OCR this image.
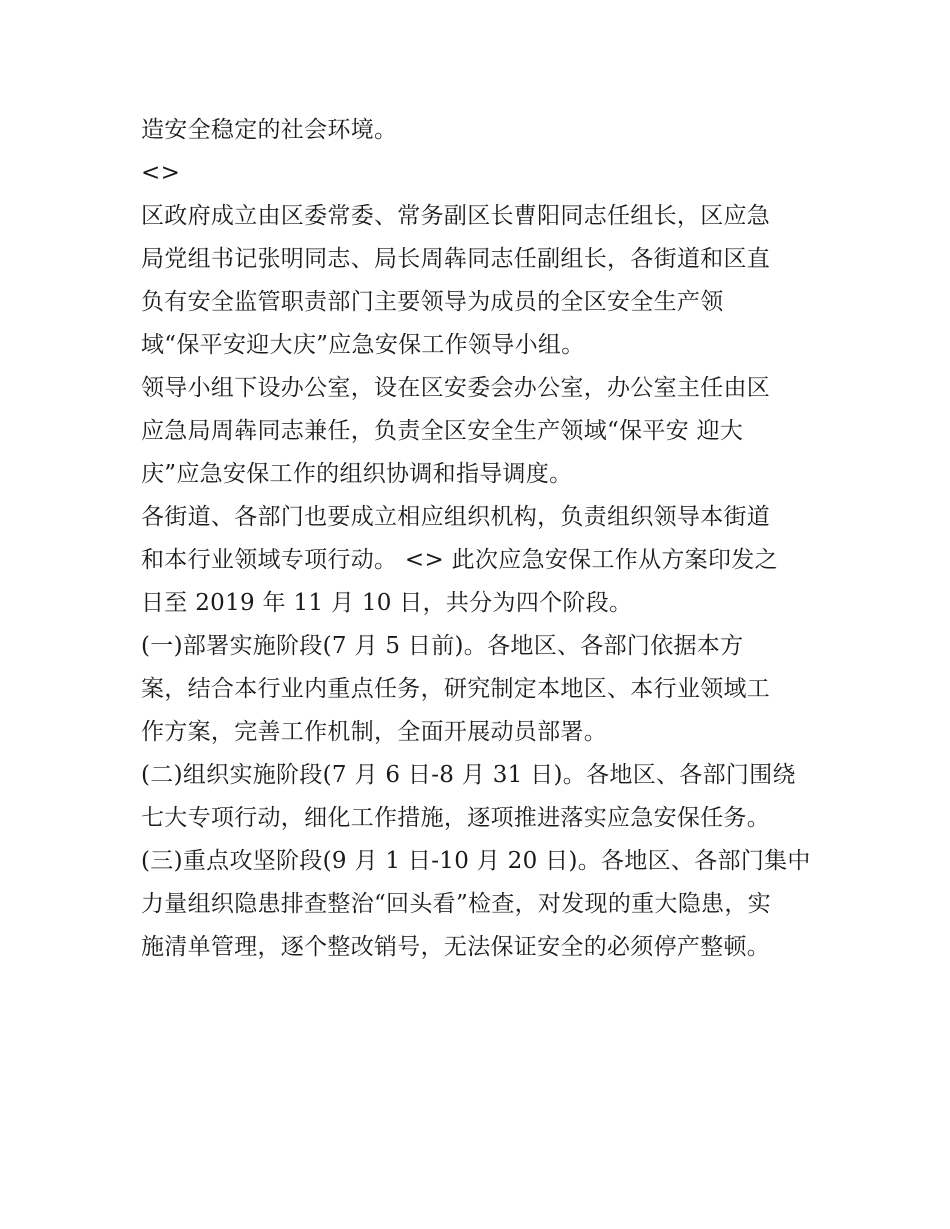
造安全稳定的社会环境。
<>
区政府成立由区委常委、常务副区长曹阳同志任组长，区应急
局党组书记张明同志、局长周犇同志任副组长，各街道和区直
负有安全监管职责部门主要领导为成员的全区安全生产领
域“保平安迎大庆”应急安保工作领导小组。
领导小组下设办公室，设在区安委会办公室，办公室主任由区
应急局周犇同志兼任，负责全区安全生产领域“保平安 迎大
庆”应急安保工作的组织协调和指导调度。
各街道、各部门也要成立相应组织机构，负责组织领导本街道
和本行业领域专项行动。 <> 此次应急安保工作从方案印发之
日至 2019 年 11 月 10 日，共分为四个阶段。
(一)部署实施阶段(7 月 5 日前)。各地区、各部门依据本方
案，结合本行业内重点任务，研究制定本地区、本行业领域工
作方案，完善工作机制，全面开展动员部署。
(二)组织实施阶段(7 月 6 日-8 月 31 日)。各地区、各部门围绕
七大专项行动，细化工作措施，逐项推进落实应急安保任务。
(三)重点攻坚阶段(9 月 1 日-10 月 20 日)。各地区、各部门集中
力量组织隐患排查整治“回头看”检查，对发现的重大隐患，实
施清单管理，逐个整改销号，无法保证安全的必须停产整顿。
